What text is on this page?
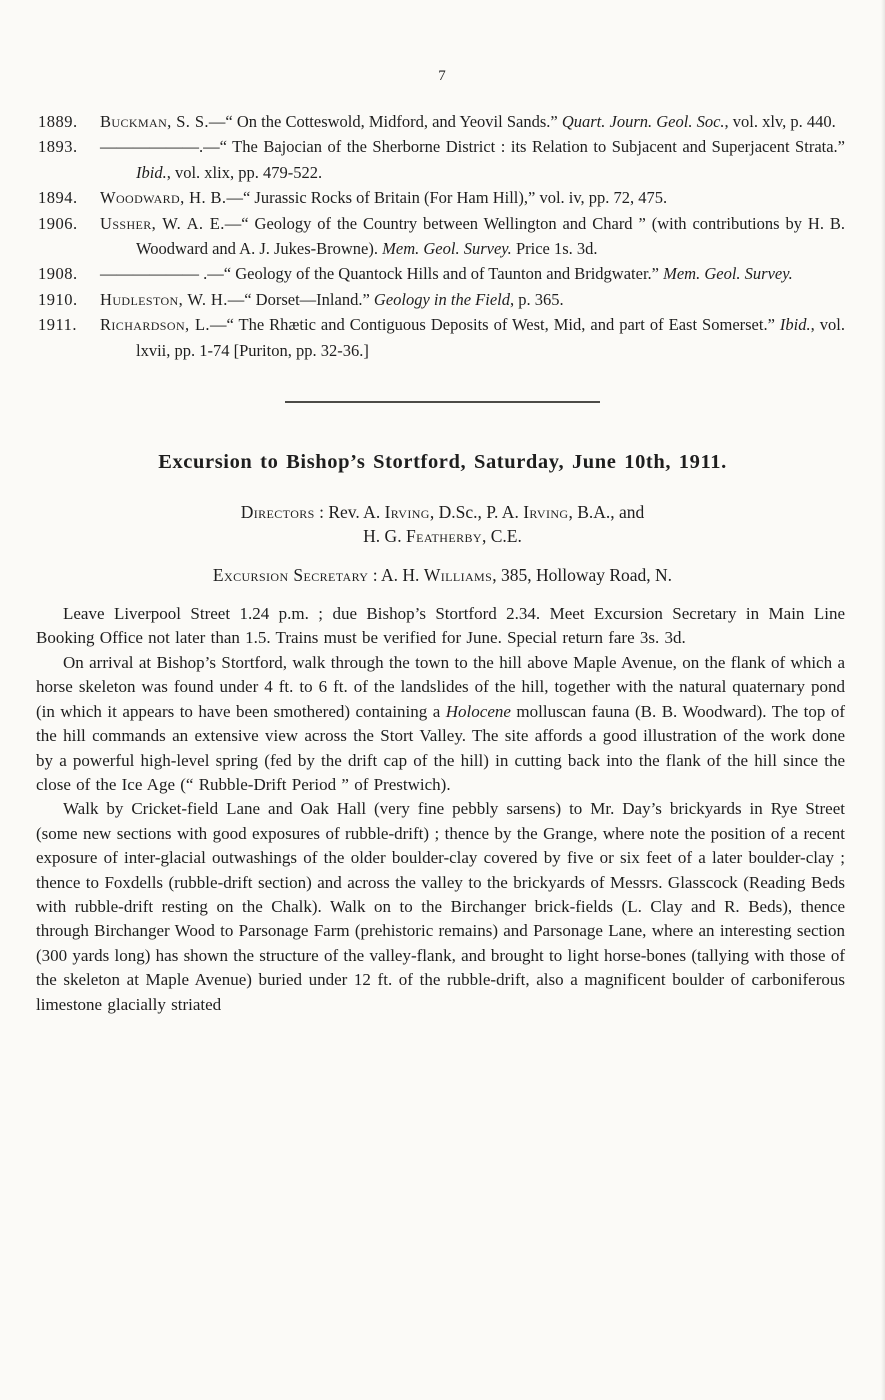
7
1889.	Buckman, S. S.—“ On the Cotteswold, Midford, and Yeovil Sands.” Quart. Journ. Geol. Soc., vol. xlv, p. 440.
1893.	——————.—“ The Bajocian of the Sherborne District : its Relation to Subjacent and Superjacent Strata.” Ibid., vol. xlix, pp. 479-522.
1894.	Woodward, H. B.—“ Jurassic Rocks of Britain (For Ham Hill),” vol. iv, pp. 72, 475.
1906.	Ussher, W. A. E.—“ Geology of the Country between Wellington and Chard ” (with contributions by H. B. Woodward and A. J. Jukes-Browne). Mem. Geol. Survey. Price 1s. 3d.
1908.	—————— .—“ Geology of the Quantock Hills and of Taunton and Bridgwater.” Mem. Geol. Survey.
1910.	Hudleston, W. H.—“ Dorset—Inland.” Geology in the Field, p. 365.
1911.	Richardson, L.—“ The Rhætic and Contiguous Deposits of West, Mid, and part of East Somerset.” Ibid., vol. lxvii, pp. 1-74 [Puriton, pp. 32-36.]
Excursion to Bishop’s Stortford, Saturday, June 10th, 1911.
Directors : Rev. A. Irving, D.Sc., P. A. Irving, B.A., and
H. G. Featherby, C.E.
Excursion Secretary : A. H. Williams, 385, Holloway Road, N.

Leave Liverpool Street 1.24 p.m. ; due Bishop’s Stortford 2.34. Meet Excursion Secretary in Main Line Booking Office not later than 1.5. Trains must be verified for June. Special return fare 3s. 3d.

On arrival at Bishop’s Stortford, walk through the town to the hill above Maple Avenue, on the flank of which a horse skeleton was found under 4 ft. to 6 ft. of the landslides of the hill, together with the natural quaternary pond (in which it appears to have been smothered) containing a Holocene molluscan fauna (B. B. Woodward). The top of the hill commands an extensive view across the Stort Valley. The site affords a good illustration of the work done by a powerful high-level spring (fed by the drift cap of the hill) in cutting back into the flank of the hill since the close of the Ice Age (“ Rubble-Drift Period ” of Prestwich).

Walk by Cricket-field Lane and Oak Hall (very fine pebbly sarsens) to Mr. Day’s brickyards in Rye Street (some new sections with good exposures of rubble-drift) ; thence by the Grange, where note the position of a recent exposure of inter-glacial outwashings of the older boulder-clay covered by five or six feet of a later boulder-clay ; thence to Foxdells (rubble-drift section) and across the valley to the brickyards of Messrs. Glasscock (Reading Beds with rubble-drift resting on the Chalk). Walk on to the Birchanger brick-fields (L. Clay and R. Beds), thence through Birchanger Wood to Parsonage Farm (prehistoric remains) and Parsonage Lane, where an interesting section (300 yards long) has shown the structure of the valley-flank, and brought to light horse-bones (tallying with those of the skeleton at Maple Avenue) buried under 12 ft. of the rubble-drift, also a magnificent boulder of carboniferous limestone glacially striated
